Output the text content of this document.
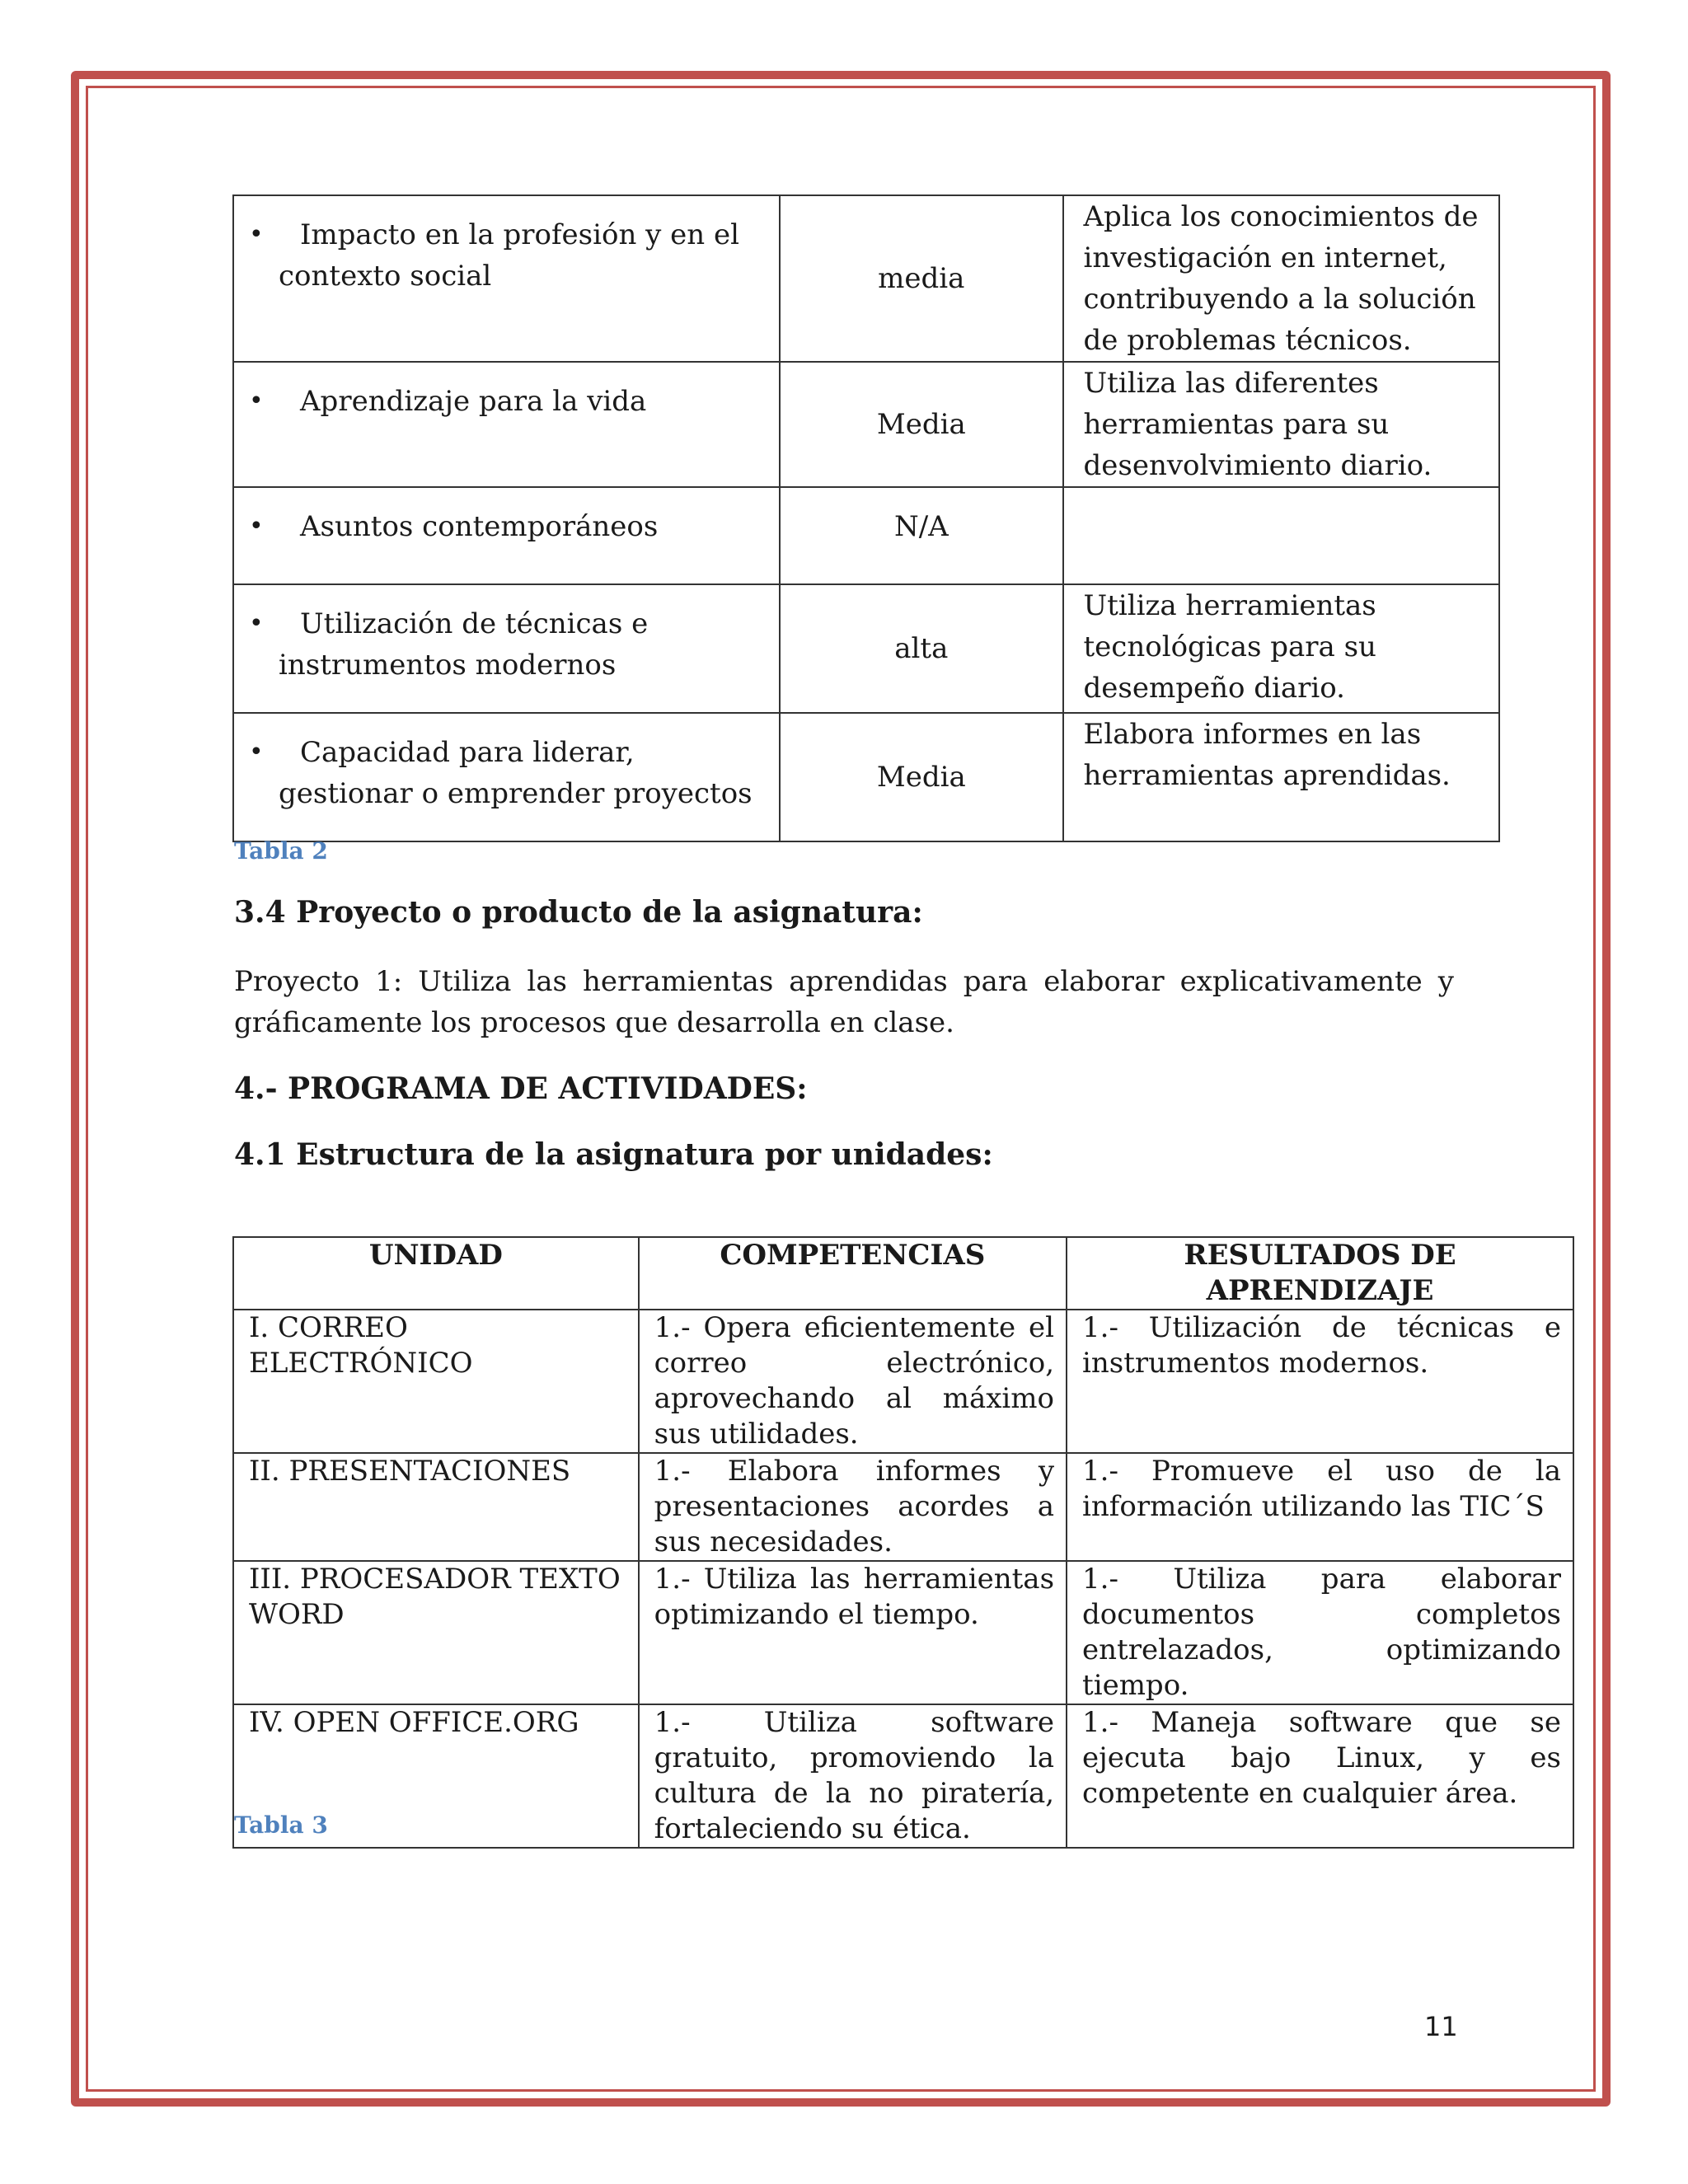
• Impacto en la profesión y en el contexto social	media	Aplica los conocimientos de investigación en internet, contribuyendo a la solución de problemas técnicos.

• Aprendizaje para la vida	Media	Utiliza las diferentes herramientas para su desenvolvimiento diario.

• Asuntos contemporáneos	N/A	

• Utilización de técnicas e instrumentos modernos	alta	Utiliza herramientas tecnológicas para su desempeño diario.

• Capacidad para liderar, gestionar o emprender proyectos	Media	Elabora informes en las herramientas aprendidas.
Tabla 2
3.4 Proyecto o producto de la asignatura:
Proyecto 1: Utiliza las herramientas aprendidas para elaborar explicativamente y gráficamente los procesos que desarrolla en clase.
4.- PROGRAMA DE ACTIVIDADES:
4.1 Estructura de la asignatura por unidades:
UNIDAD	COMPETENCIAS	RESULTADOS DE APRENDIZAJE
I. CORREO ELECTRÓNICO	1.- Opera eficientemente el correo electrónico, aprovechando al máximo sus utilidades.	1.- Utilización de técnicas e instrumentos modernos.
II. PRESENTACIONES	1.- Elabora informes y presentaciones acordes a sus necesidades.	1.- Promueve el uso de la información utilizando las TIC´S
III. PROCESADOR TEXTO WORD	1.- Utiliza las herramientas optimizando el tiempo.	1.- Utiliza para elaborar documentos completos entrelazados, optimizando tiempo.
IV. OPEN OFFICE.ORG	1.- Utiliza software gratuito, promoviendo la cultura de la no piratería, fortaleciendo su ética.	1.- Maneja software que se ejecuta bajo Linux, y es competente en cualquier área.
Tabla 3
11
